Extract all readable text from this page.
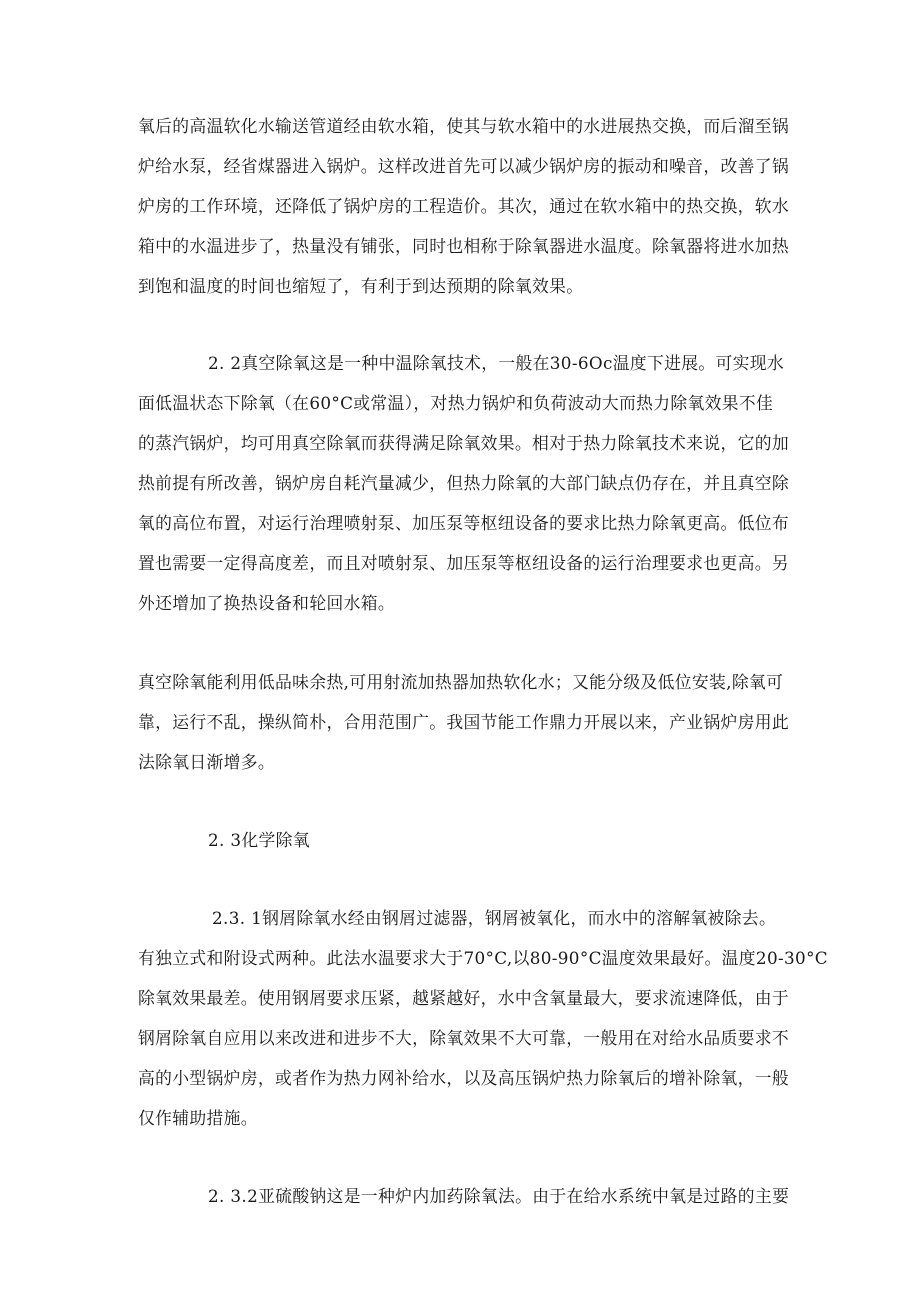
氧后的高温软化水输送管道经由软水箱，使其与软水箱中的水进展热交换，而后溜至锅
炉给水泵，经省煤器进入锅炉。这样改进首先可以减少锅炉房的振动和噪音，改善了锅
炉房的工作环境，还降低了锅炉房的工程造价。其次，通过在软水箱中的热交换，软水
箱中的水温进步了，热量没有铺张，同时也相称于除氧器进水温度。除氧器将进水加热
到饱和温度的时间也缩短了，有利于到达预期的除氧效果。
2. 2真空除氧这是一种中温除氧技术，一般在30-6Oc温度下进展。可实现水
面低温状态下除氧（在60°C或常温），对热力锅炉和负荷波动大而热力除氧效果不佳
的蒸汽锅炉，均可用真空除氧而获得满足除氧效果。相对于热力除氧技术来说，它的加
热前提有所改善，锅炉房自耗汽量减少，但热力除氧的大部门缺点仍存在，并且真空除
氧的高位布置，对运行治理喷射泵、加压泵等枢纽设备的要求比热力除氧更高。低位布
置也需要一定得高度差，而且对喷射泵、加压泵等枢纽设备的运行治理要求也更高。另
外还增加了换热设备和轮回水箱。
真空除氧能利用低品味余热,可用射流加热器加热软化水；又能分级及低位安装,除氧可
靠，运行不乱，操纵简朴，合用范围广。我国节能工作鼎力开展以来，产业锅炉房用此
法除氧日渐增多。
2. 3化学除氧
2.3. 1钢屑除氧水经由钢屑过滤器，钢屑被氧化，而水中的溶解氧被除去。
有独立式和附设式两种。此法水温要求大于70°C,以80-90°C温度效果最好。温度20-30°C
除氧效果最差。使用钢屑要求压紧，越紧越好，水中含氧量最大，要求流速降低，由于
钢屑除氧自应用以来改进和进步不大，除氧效果不大可靠，一般用在对给水品质要求不
高的小型锅炉房，或者作为热力网补给水，以及高压锅炉热力除氧后的增补除氧，一般
仅作辅助措施。
2. 3.2亚硫酸钠这是一种炉内加药除氧法。由于在给水系统中氧是过路的主要
